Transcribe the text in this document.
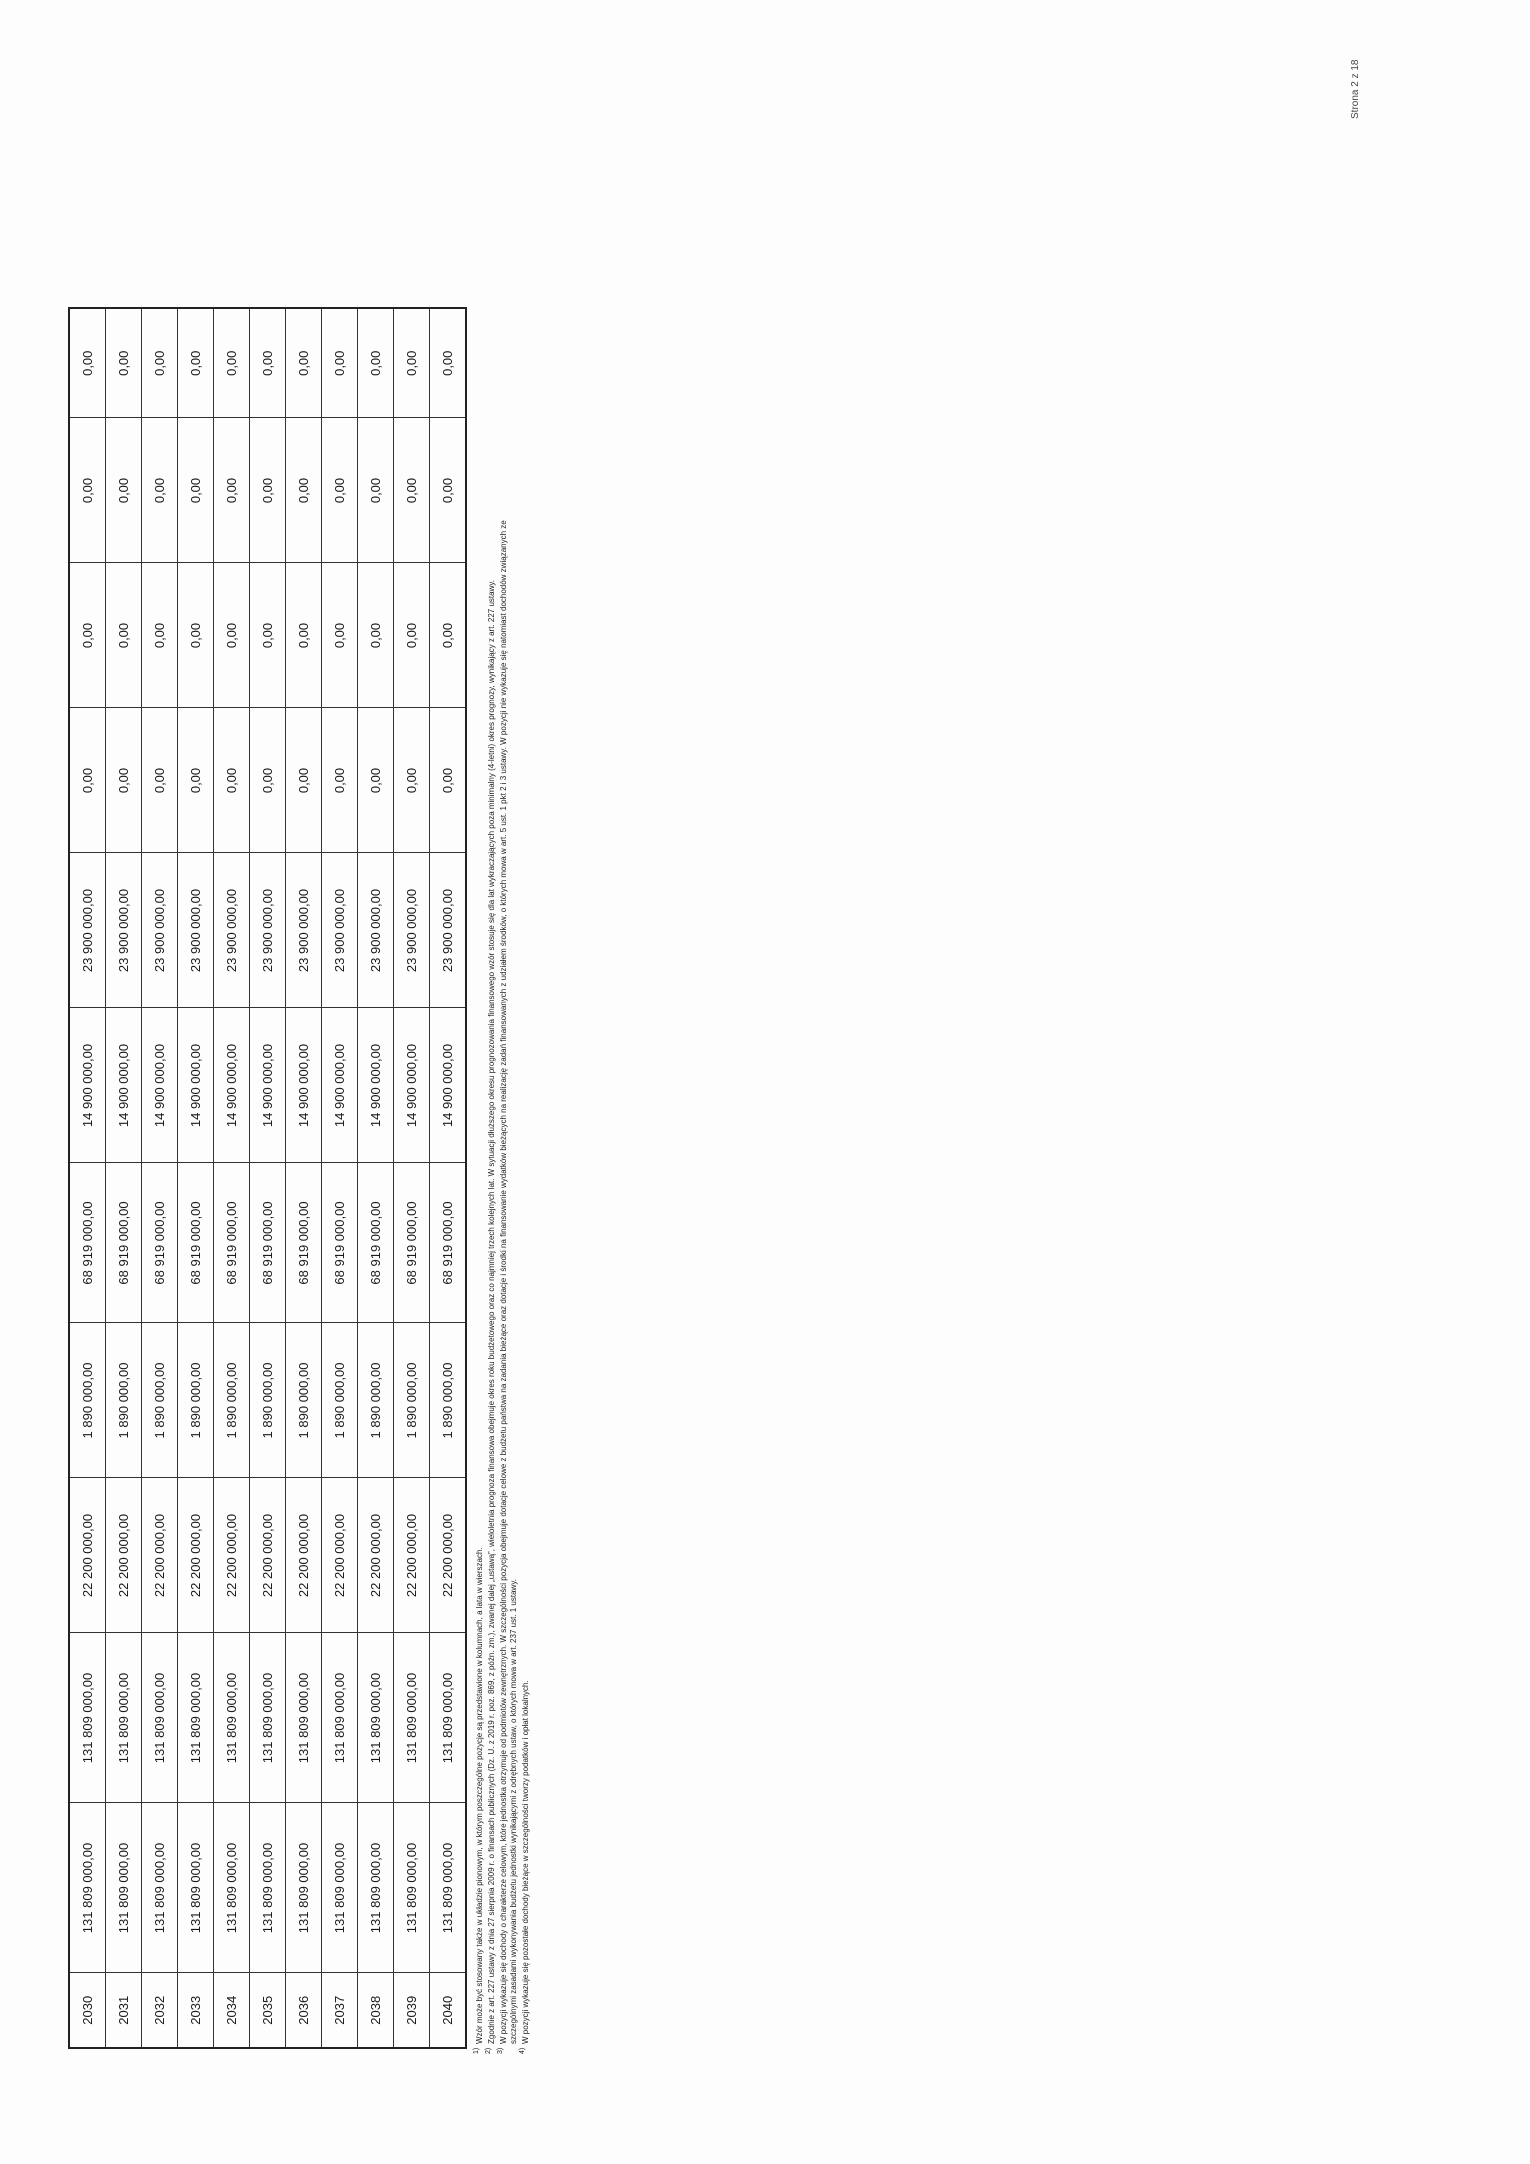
2030	131 809 000,00	131 809 000,00	22 200 000,00	1 890 000,00	68 919 000,00	14 900 000,00	23 900 000,00	0,00	0,00	0,00	0,00
2031	131 809 000,00	131 809 000,00	22 200 000,00	1 890 000,00	68 919 000,00	14 900 000,00	23 900 000,00	0,00	0,00	0,00	0,00
2032	131 809 000,00	131 809 000,00	22 200 000,00	1 890 000,00	68 919 000,00	14 900 000,00	23 900 000,00	0,00	0,00	0,00	0,00
2033	131 809 000,00	131 809 000,00	22 200 000,00	1 890 000,00	68 919 000,00	14 900 000,00	23 900 000,00	0,00	0,00	0,00	0,00
2034	131 809 000,00	131 809 000,00	22 200 000,00	1 890 000,00	68 919 000,00	14 900 000,00	23 900 000,00	0,00	0,00	0,00	0,00
2035	131 809 000,00	131 809 000,00	22 200 000,00	1 890 000,00	68 919 000,00	14 900 000,00	23 900 000,00	0,00	0,00	0,00	0,00
2036	131 809 000,00	131 809 000,00	22 200 000,00	1 890 000,00	68 919 000,00	14 900 000,00	23 900 000,00	0,00	0,00	0,00	0,00
2037	131 809 000,00	131 809 000,00	22 200 000,00	1 890 000,00	68 919 000,00	14 900 000,00	23 900 000,00	0,00	0,00	0,00	0,00
2038	131 809 000,00	131 809 000,00	22 200 000,00	1 890 000,00	68 919 000,00	14 900 000,00	23 900 000,00	0,00	0,00	0,00	0,00
2039	131 809 000,00	131 809 000,00	22 200 000,00	1 890 000,00	68 919 000,00	14 900 000,00	23 900 000,00	0,00	0,00	0,00	0,00
2040	131 809 000,00	131 809 000,00	22 200 000,00	1 890 000,00	68 919 000,00	14 900 000,00	23 900 000,00	0,00	0,00	0,00	0,00
1)
Wzór może być stosowany także w układzie pionowym, w którym poszczególne pozycje są przedstawione w kolumnach, a lata w wierszach.
2)
Zgodnie z art. 227 ustawy z dnia 27 sierpnia 2009 r. o finansach publicznych (Dz. U. z 2019 r. poz. 869, z późn. zm.), zwanej dalej „ustawą”, wieloletnia prognoza finansowa obejmuje okres roku budżetowego oraz co najmniej trzech kolejnych lat. W sytuacji dłuższego okresu prognozowania finansowego wzór stosuje się dla lat wykraczających poza minimalny (4-letni) okres prognozy, wynikający z art. 227 ustawy.
3)
W pozycji wykazuje się dochody o charakterze celowym, które jednostka otrzymuje od podmiotów zewnętrznych. W szczególności pozycja obejmuje dotacje celowe z budżetu państwa na zadania bieżące oraz dotacje i środki na finansowanie wydatków bieżących na realizację zadań finansowanych z udziałem środków, o których mowa w art. 5 ust. 1 pkt 2 i 3 ustawy. W pozycji nie wykazuje się natomiast dochodów związanych ze szczególnymi zasadami wykonywania budżetu jednostki wynikającymi z odrębnych ustaw, o których mowa w art. 237 ust. 1 ustawy.
4)
W pozycji wykazuje się pozostałe dochody bieżące w szczególności tworzy podatków i opłat lokalnych.
Strona 2 z 18
